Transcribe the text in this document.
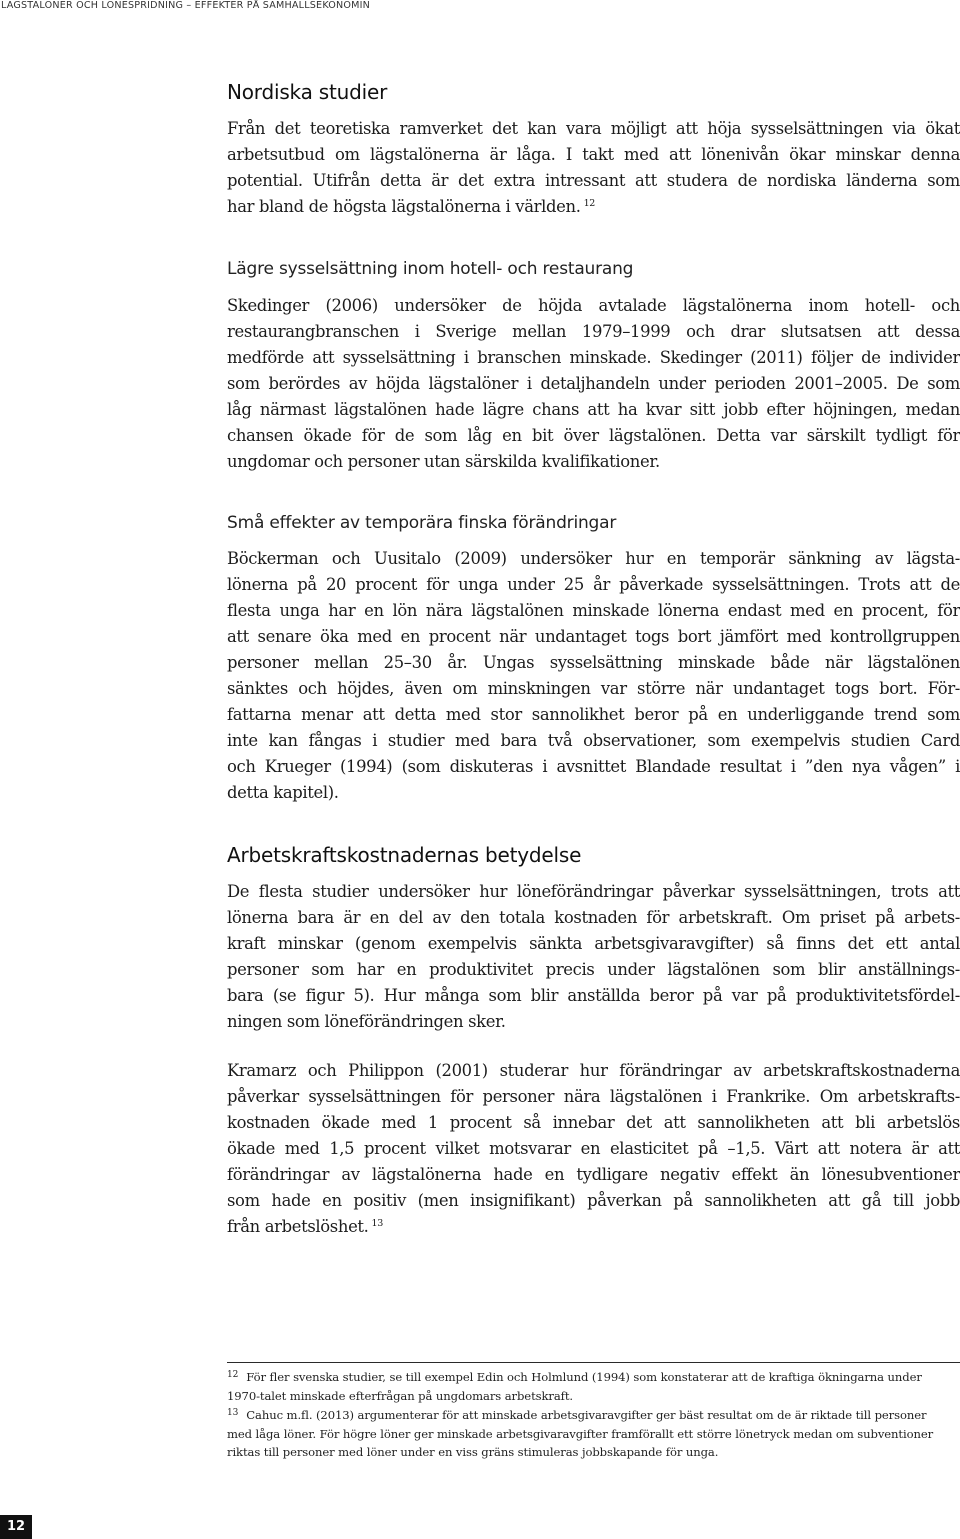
LÄGSTALÖNER OCH LÖNESPRIDNING – EFFEKTER PÅ SAMHÄLLSEKONOMIN
Nordiska studier
Från det teoretiska ramverket det kan vara möjligt att höja sysselsättningen via ökat
arbetsutbud om lägstalönerna är låga. I takt med att lönenivån ökar minskar denna
potential. Utifrån detta är det extra intressant att studera de nordiska länderna som
har bland de högsta lägstalönerna i världen. $^{12}$
Lägre sysselsättning inom hotell- och restaurang
Skedinger (2006) undersöker de höjda avtalade lägstalönerna inom hotell- och
restaurangbranschen i Sverige mellan 1979–1999 och drar slutsatsen att dessa
medförde att sysselsättning i branschen minskade. Skedinger (2011) följer de individer
som berördes av höjda lägstalöner i detaljhandeln under perioden 2001–2005. De som
låg närmast lägstalönen hade lägre chans att ha kvar sitt jobb efter höjningen, medan
chansen ökade för de som låg en bit över lägstalönen. Detta var särskilt tydligt för
ungdomar och personer utan särskilda kvalifikationer.
Små effekter av temporära finska förändringar
Böckerman och Uusitalo (2009) undersöker hur en temporär sänkning av lägsta-
lönerna på 20 procent för unga under 25 år påverkade sysselsättningen. Trots att de
flesta unga har en lön nära lägstalönen minskade lönerna endast med en procent, för
att senare öka med en procent när undantaget togs bort jämfört med kontrollgruppen
personer mellan 25–30 år. Ungas sysselsättning minskade både när lägstalönen
sänktes och höjdes, även om minskningen var större när undantaget togs bort. För-
fattarna menar att detta med stor sannolikhet beror på en underliggande trend som
inte kan fångas i studier med bara två observationer, som exempelvis studien Card
och Krueger (1994) (som diskuteras i avsnittet Blandade resultat i ”den nya vågen” i
detta kapitel).
Arbetskraftskostnadernas betydelse
De flesta studier undersöker hur löneförändringar påverkar sysselsättningen, trots att
lönerna bara är en del av den totala kostnaden för arbetskraft. Om priset på arbets-
kraft minskar (genom exempelvis sänkta arbetsgivaravgifter) så finns det ett antal
personer som har en produktivitet precis under lägstalönen som blir anställnings-
bara (se figur 5). Hur många som blir anställda beror på var på produktivitetsfördel-
ningen som löneförändringen sker.
Kramarz och Philippon (2001) studerar hur förändringar av arbetskraftskostnaderna
påverkar sysselsättningen för personer nära lägstalönen i Frankrike. Om arbetskrafts-
kostnaden ökade med 1 procent så innebar det att sannolikheten att bli arbetslös
ökade med 1,5 procent vilket motsvarar en elasticitet på –1,5. Värt att notera är att
förändringar av lägstalönerna hade en tydligare negativ effekt än lönesubventioner
som hade en positiv (men insignifikant) påverkan på sannolikheten att gå till jobb
från arbetslöshet. $^{13}$
$^{12}$ För fler svenska studier, se till exempel Edin och Holmlund (1994) som konstaterar att de kraftiga ökningarna under
1970-talet minskade efterfrågan på ungdomars arbetskraft.
$^{13}$ Cahuc m.fl. (2013) argumenterar för att minskade arbetsgivaravgifter ger bäst resultat om de är riktade till personer
med låga löner. För högre löner ger minskade arbetsgivaravgifter framförallt ett större lönetryck medan om subventioner
riktas till personer med löner under en viss gräns stimuleras jobbskapande för unga.
12
